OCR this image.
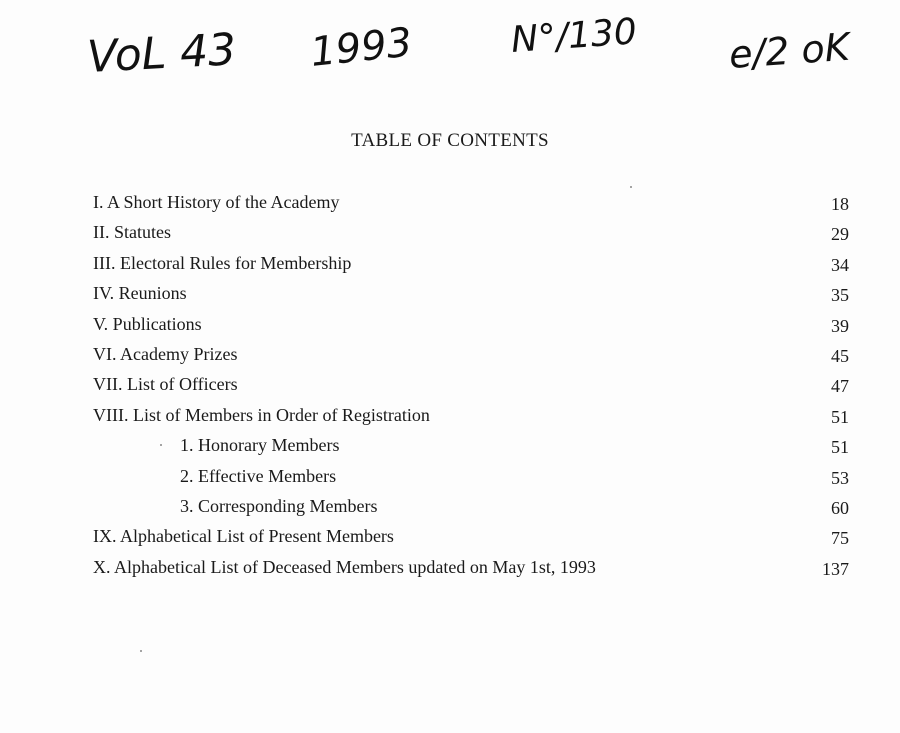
VoL 43 1993	N°/130 e/2 oK
TABLE OF CONTENTS
I. A Short History of the Academy	18
II. Statutes	29
III. Electoral Rules for Membership	34
IV. Reunions	35
V. Publications	39
VI. Academy Prizes	45
VII. List of Officers	47
VIII. List of Members in Order of Registration	51
1. Honorary Members	51
2. Effective Members	53
3. Corresponding Members	60
IX. Alphabetical List of Present Members	75
X. Alphabetical List of Deceased Members updated on May 1st, 1993	137
